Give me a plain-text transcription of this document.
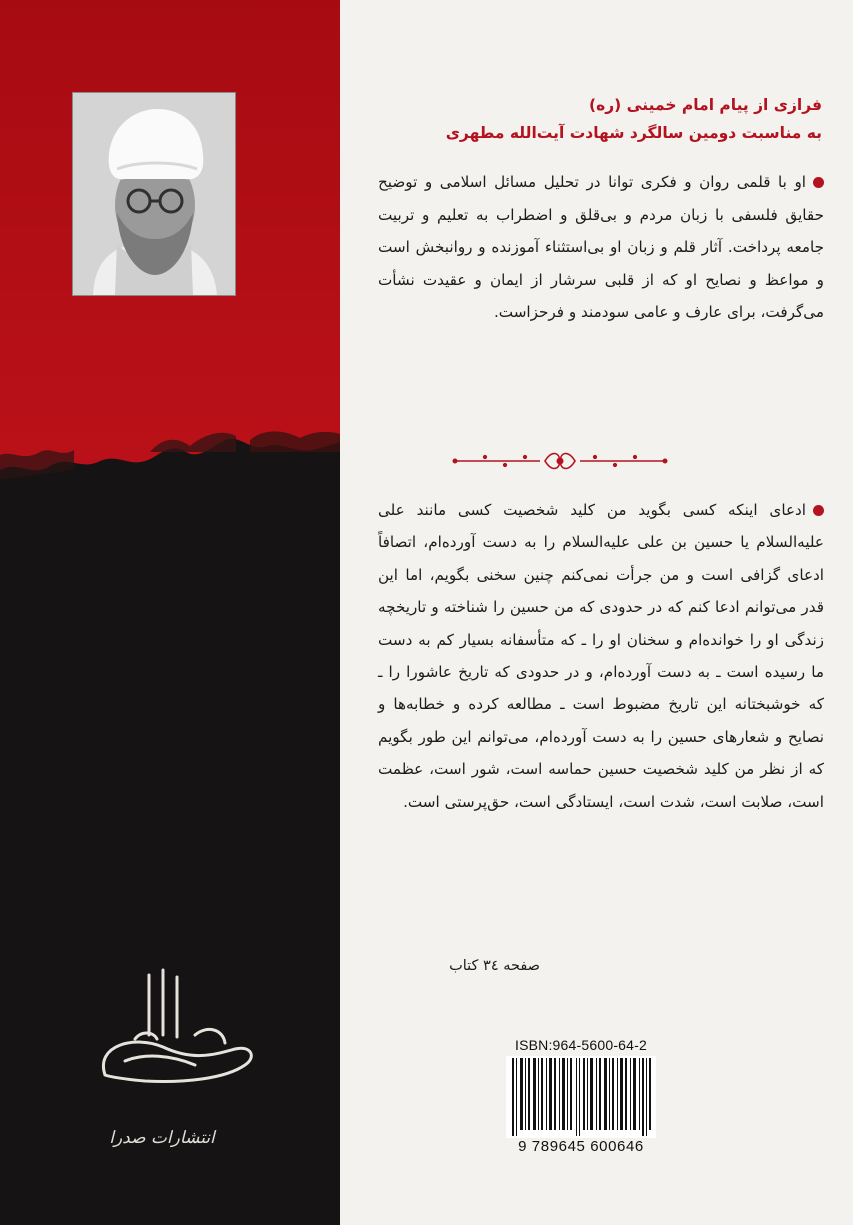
فرازی از پیام امام خمینی (ره)
به مناسبت دومین سالگرد شهادت آیت‌الله مطهری

او با قلمی روان و فکری توانا در تحلیل مسائل اسلامی و توضیح حقایق فلسفی با زبان مردم و بی‌قلق و اضطراب به تعلیم و تربیت جامعه پرداخت. آثار قلم و زبان او بی‌استثناء آموزنده و روانبخش است و مواعظ و نصایح او که از قلبی سرشار از ایمان و عقیدت نشأت می‌گرفت، برای عارف و عامی سودمند و فرحزاست.

ادعای اینکه کسی بگوید من کلید شخصیت کسی مانند علی علیه‌السلام یا حسین بن علی علیه‌السلام را به دست آورده‌ام، اتصافاً ادعای گزافی است و من جرأت نمی‌کنم چنین سخنی بگویم، اما این قدر می‌توانم ادعا کنم که در حدودی که من حسین را شناخته و تاریخچه زندگی او را خوانده‌ام و سخنان او را ـ که متأسفانه بسیار کم به دست ما رسیده است ـ به دست آورده‌ام، و در حدودی که تاریخ عاشورا را ـ که خوشبختانه این تاریخ مضبوط است ـ مطالعه کرده و خطابه‌ها و نصایح و شعارهای حسین را به دست آورده‌ام، می‌توانم این طور بگویم که از نظر من کلید شخصیت حسین حماسه است، شور است، عظمت است، صلابت است، شدت است، ایستادگی است، حق‌پرستی است.

صفحه ٣٤ کتاب
انتشارات صدرا
ISBN:964-5600-64-2
9 789645 600646
